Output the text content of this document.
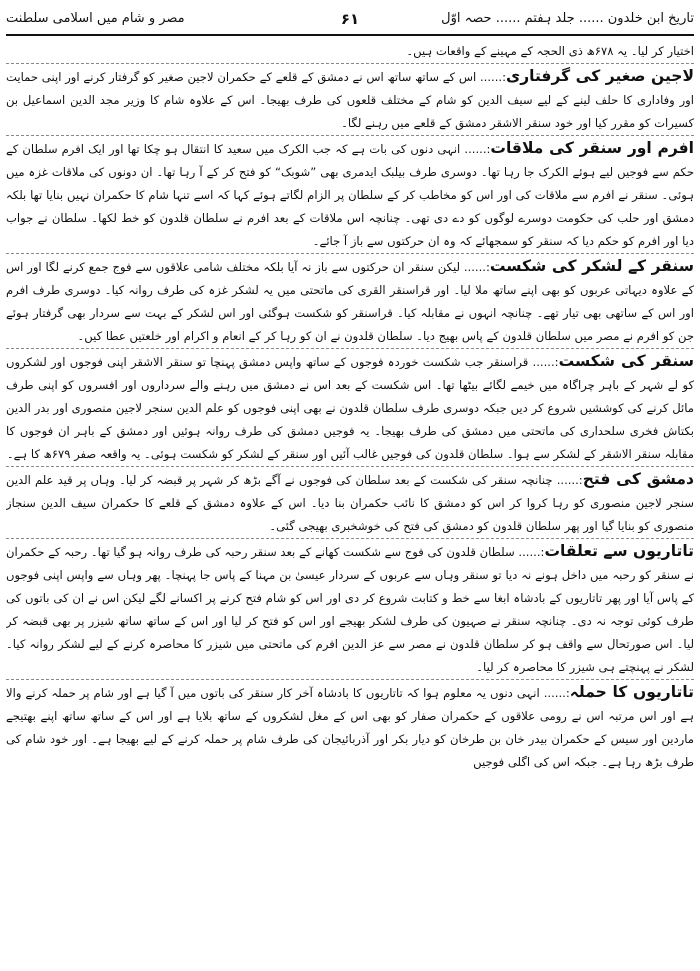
تاریخ ابن خلدون ...... جلد ہفتم ...... حصہ اوّل
۶۱
مصر و شام میں اسلامی سلطنت

اختیار کر لیا۔ یہ ۶۷۸ھ ذی الحجہ کے مہینے کے واقعات ہیں۔

لاجین صغیر کی گرفتاری:...... اس کے ساتھ ساتھ اس نے دمشق کے قلعے کے حکمران لاجین صغیر کو گرفتار کرنے اور اپنی حمایت اور وفاداری کا حلف لینے کے لیے سیف الدین کو شام کے مختلف قلعوں کی طرف بھیجا۔ اس کے علاوہ شام کا وزیر مجد الدین اسماعیل بن کسیرات کو مقرر کیا اور خود سنقر الاشقر دمشق کے قلعے میں رہنے لگا۔

افرم اور سنقر کی ملاقات:...... انہی دنوں کی بات ہے کہ جب الکرک میں سعید کا انتقال ہو چکا تھا اور ایک افرم سلطان کے حکم سے فوجیں لیے ہوئے الکرک جا رہا تھا۔ دوسری طرف بیلبک ایدمری بھی ”شوبک“ کو فتح کر کے آ رہا تھا۔ ان دونوں کی ملاقات غزہ میں ہوئی۔ سنقر نے افرم سے ملاقات کی اور اس کو مخاطب کر کے سلطان پر الزام لگاتے ہوئے کہا کہ اسے تنہا شام کا حکمران نہیں بنایا تھا بلکہ دمشق اور حلب کی حکومت دوسرے لوگوں کو دے دی تھی۔ چنانچہ اس ملاقات کے بعد افرم نے سلطان قلدون کو خط لکھا۔ سلطان نے جواب دیا اور افرم کو حکم دیا کہ سنقر کو سمجھائے کہ وہ ان حرکتوں سے باز آ جائے۔

سنقر کے لشکر کی شکست:...... لیکن سنقر ان حرکتوں سے باز نہ آیا بلکہ مختلف شامی علاقوں سے فوج جمع کرنے لگا اور اس کے علاوہ دیہاتی عربوں کو بھی اپنے ساتھ ملا لیا۔ اور قراسنقر القری کی ماتحتی میں یہ لشکر غزہ کی طرف روانہ کیا۔ دوسری طرف افرم اور اس کے ساتھی بھی تیار تھے۔ چنانچہ انہوں نے مقابلہ کیا۔ قراسنقر کو شکست ہوگئی اور اس لشکر کے بہت سے سردار بھی گرفتار ہوئے جن کو افرم نے مصر میں سلطان قلدون کے پاس بھیج دیا۔ سلطان قلدون نے ان کو رہا کر کے انعام و اکرام اور خلعتیں عطا کیں۔

سنقر کی شکست:...... قراسنقر جب شکست خوردہ فوجوں کے ساتھ واپس دمشق پہنچا تو سنقر الاشقر اپنی فوجوں اور لشکروں کو لے شہر کے باہر چراگاہ میں خیمے لگائے بیٹھا تھا۔ اس شکست کے بعد اس نے دمشق میں رہنے والے سرداروں اور افسروں کو اپنی طرف مائل کرنے کی کوششیں شروع کر دیں جبکہ دوسری طرف سلطان قلدون نے بھی اپنی فوجوں کو علم الدین سنجر لاجین منصوری اور بدر الدین بکتاش فخری سلحداری کی ماتحتی میں دمشق کی طرف بھیجا۔ یہ فوجیں دمشق کی طرف روانہ ہوئیں اور دمشق کے باہر ان فوجوں کا مقابلہ سنقر الاشقر کے لشکر سے ہوا۔ سلطان قلدون کی فوجیں غالب آئیں اور سنقر کے لشکر کو شکست ہوئی۔ یہ واقعہ صفر ۶۷۹ھ کا ہے۔

دمشق کی فتح:...... چنانچہ سنقر کی شکست کے بعد سلطان کی فوجوں نے آگے بڑھ کر شہر پر قبضہ کر لیا۔ وہاں پر قید علم الدین سنجر لاجین منصوری کو رہا کروا کر اس کو دمشق کا نائب حکمران بنا دیا۔ اس کے علاوہ دمشق کے قلعے کا حکمران سیف الدین سنجاز منصوری کو بنایا گیا اور پھر سلطان قلدون کو دمشق کی فتح کی خوشخبری بھیجی گئی۔

تاتاریوں سے تعلقات:...... سلطان قلدون کی فوج سے شکست کھانے کے بعد سنقر رحبہ کی طرف روانہ ہو گیا تھا۔ رحبہ کے حکمران نے سنقر کو رحبہ میں داخل ہونے نہ دیا تو سنقر وہاں سے عربوں کے سردار عیسیٰ بن مہنا کے پاس جا پہنچا۔ پھر وہاں سے واپس اپنی فوجوں کے پاس آیا اور پھر تاتاریوں کے بادشاہ ابغا سے خط و کتابت شروع کر دی اور اس کو شام فتح کرنے پر اکسانے لگے لیکن اس نے ان کی باتوں کی طرف کوئی توجہ نہ دی۔ چنانچہ سنقر نے صہیون کی طرف لشکر بھیجے اور اس کو فتح کر لیا اور اس کے ساتھ ساتھ شیزر پر بھی قبضہ کر لیا۔ اس صورتحال سے واقف ہو کر سلطان قلدون نے مصر سے عز الدین افرم کی ماتحتی میں شیزر کا محاصرہ کرنے کے لیے لشکر روانہ کیا۔ لشکر نے پہنچتے ہی شیزر کا محاصرہ کر لیا۔

تاتاریوں کا حملہ:...... انہی دنوں یہ معلوم ہوا کہ تاتاریوں کا بادشاہ آخر کار سنقر کی باتوں میں آ گیا ہے اور شام پر حملہ کرنے والا ہے اور اس مرتبہ اس نے رومی علاقوں کے حکمران صفار کو بھی اس کے مغل لشکروں کے ساتھ بلایا ہے اور اس کے ساتھ ساتھ اپنے بھتیجے ماردین اور سیس کے حکمران بیدر خان بن طرخان کو دیار بکر اور آذربائیجان کی طرف شام پر حملہ کرنے کے لیے بھیجا ہے۔ اور خود شام کی طرف بڑھ رہا ہے۔ جبکہ اس کی اگلی فوجیں
